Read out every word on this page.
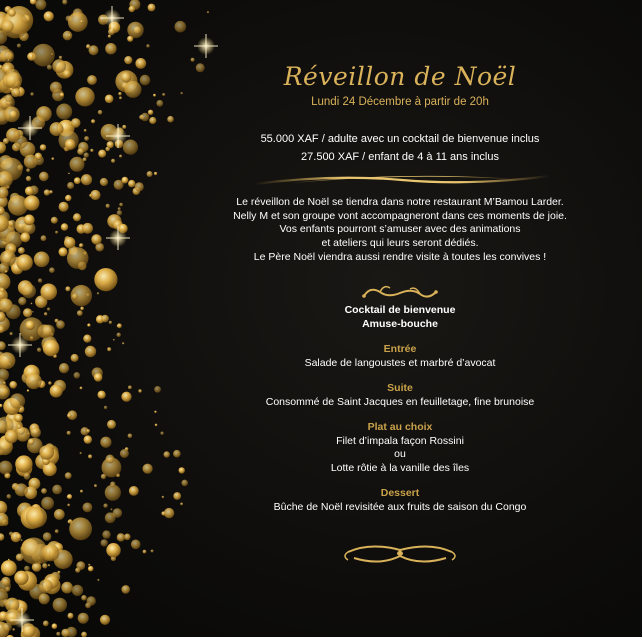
Réveillon de Noël
Lundi 24 Décembre à partir de 20h
55.000 XAF / adulte avec un cocktail de bienvenue inclus
27.500 XAF / enfant de 4 à 11 ans inclus
Le réveillon de Noël se tiendra dans notre restaurant M’Bamou Larder.
Nelly M et son groupe vont accompagneront dans ces moments de joie.
Vos enfants pourront s’amuser avec des animations
et ateliers qui leurs seront dédiés.
Le Père Noël viendra aussi rendre visite à toutes les convives !
Cocktail de bienvenue
Amuse-bouche
Entrée
Salade de langoustes et marbré d’avocat
Suite
Consommé de Saint Jacques en feuilletage, fine brunoise
Plat au choix
Filet d’impala façon Rossini
ou
Lotte rôtie à la vanille des îles
Dessert
Bûche de Noël revisitée aux fruits de saison du Congo
